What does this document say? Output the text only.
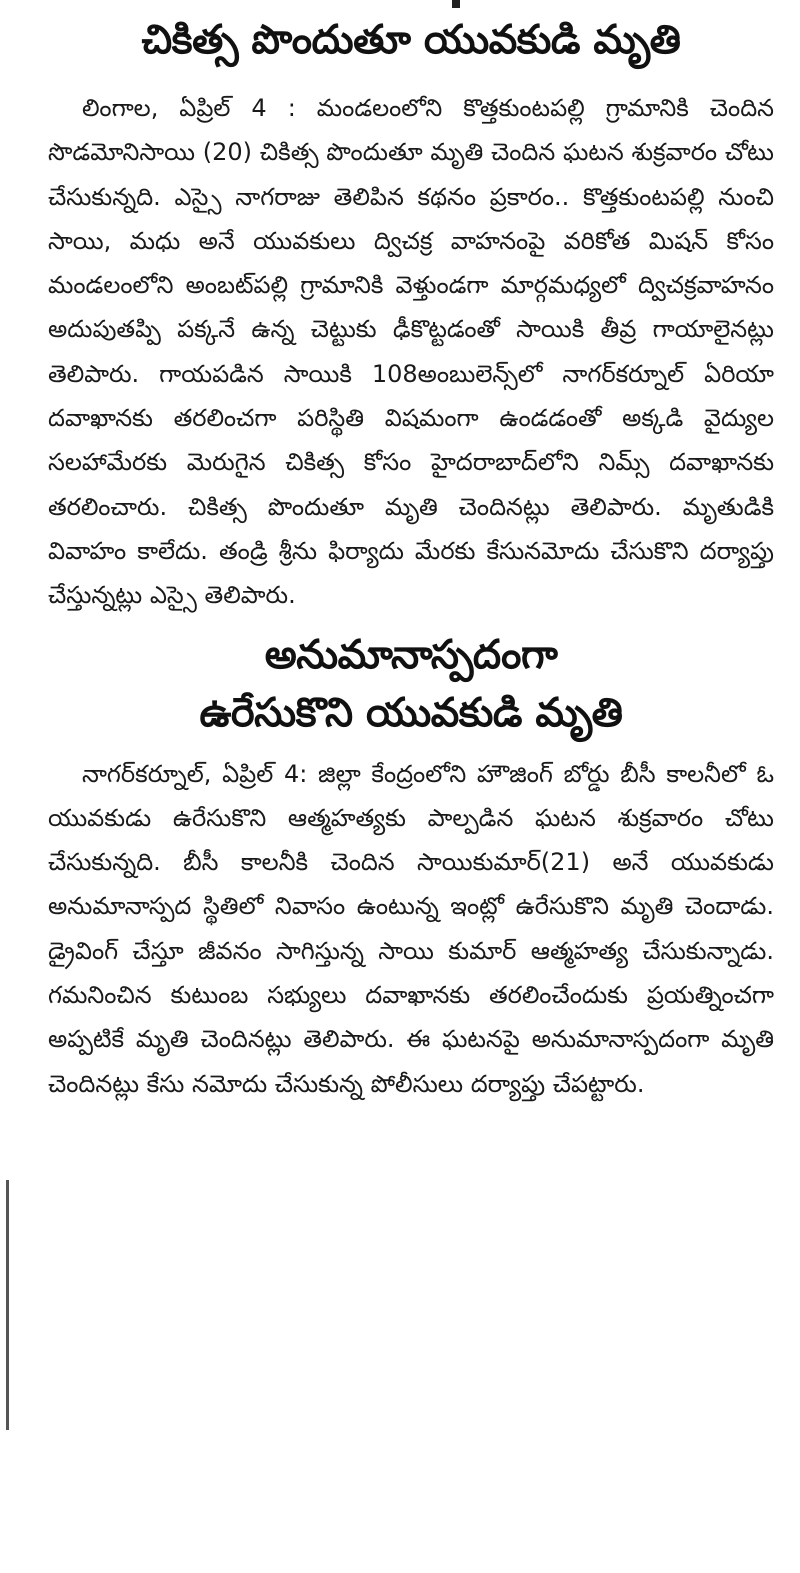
చికిత్స పొందుతూ యువకుడి మృతి

లింగాల, ఏప్రిల్ 4 : మండలంలోని కొత్తకుంటపల్లి గ్రామానికి చెందిన సొడమోనిసాయి (20) చికిత్స పొందుతూ మృతి చెందిన ఘటన శుక్రవారం చోటు చేసుకున్నది. ఎస్సై నాగరాజు తెలిపిన కథనం ప్రకారం.. కొత్తకుంటపల్లి నుంచి సాయి, మధు అనే యువకులు ద్విచక్ర వాహనంపై వరికోత మిషన్ కోసం మండలంలోని అంబట్‌పల్లి గ్రామానికి వెళ్తుండగా మార్గమధ్యలో ద్విచక్రవాహనం అదుపుతప్పి పక్కనే ఉన్న చెట్టుకు ఢీకొట్టడంతో సాయికి తీవ్ర గాయాలైనట్లు తెలిపారు. గాయపడిన సాయికి 108అంబులెన్స్‌లో నాగర్‌కర్నూల్ ఏరియా దవాఖానకు తరలించగా పరిస్థితి విషమంగా ఉండడంతో అక్కడి వైద్యుల సలహామేరకు మెరుగైన చికిత్స కోసం హైదరాబాద్‌లోని నిమ్స్ దవాఖానకు తరలించారు. చికిత్స పొందుతూ మృతి చెందినట్లు తెలిపారు. మృతుడికి వివాహం కాలేదు. తండ్రి శ్రీను ఫిర్యాదు మేరకు కేసునమోదు చేసుకొని దర్యాప్తు చేస్తున్నట్లు ఎస్సై తెలిపారు.

అనుమానాస్పదంగా
ఉరేసుకొని యువకుడి మృతి

నాగర్‌కర్నూల్, ఏప్రిల్ 4: జిల్లా కేంద్రంలోని హౌజింగ్ బోర్డు బీసీ కాలనీలో ఓ యువకుడు ఉరేసుకొని ఆత్మహత్యకు పాల్పడిన ఘటన శుక్రవారం చోటు చేసుకున్నది. బీసీ కాలనీకి చెందిన సాయికుమార్(21) అనే యువకుడు అనుమానాస్పద స్థితిలో నివాసం ఉంటున్న ఇంట్లో ఉరేసుకొని మృతి చెందాడు. డ్రైవింగ్ చేస్తూ జీవనం సాగిస్తున్న సాయి కుమార్ ఆత్మహత్య చేసుకున్నాడు. గమనించిన కుటుంబ సభ్యులు దవాఖానకు తరలించేందుకు ప్రయత్నించగా అప్పటికే మృతి చెందినట్లు తెలిపారు. ఈ ఘటనపై అనుమానాస్పదంగా మృతి చెందినట్లు కేసు నమోదు చేసుకున్న పోలీసులు దర్యాప్తు చేపట్టారు.
